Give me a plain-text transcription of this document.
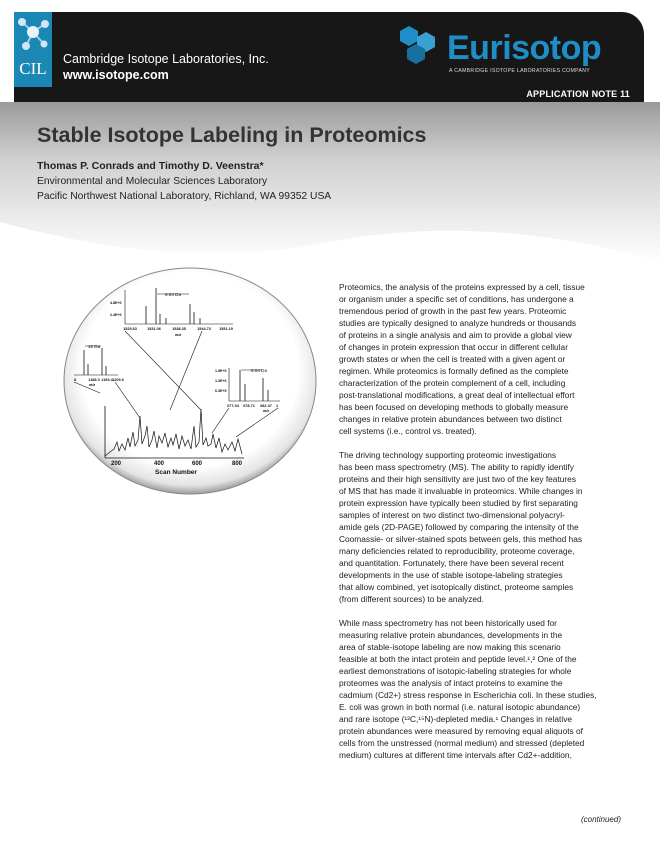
CIL	Cambridge Isotope Laboratories, Inc.
www.isotope.com
Eurisotop
A CAMBRIDGE ISOTOPE LABORATORIES COMPANY
APPLICATION NOTE 11
Stable Isotope Labeling in Proteomics
Thomas P. Conrads and Timothy D. Veenstra*
Environmental and Molecular Sciences Laboratory
Pacific Northwest National Laboratory, Richland, WA 99352 USA
200	400	600	800
Scan Number
8.04 Da
4.8E+6
2.4E+6
1525.63	1531.06	1538.35	1544.73 1551.19
m/z
16 Da
8	1188.3 1193.4 1209.6
m/z
8.04 Da
1.9E+6
1.3E+6
6.3E+5
677.04 678.71 682.37 1
m/z

Proteomics, the analysis of the proteins expressed by a cell, tissue
or organism under a specific set of conditions, has undergone a
tremendous period of growth in the past few years. Proteomic
studies are typically designed to analyze hundreds or thousands
of proteins in a single analysis and aim to provide a global view
of changes in protein expression that occur in different cellular
growth states or when the cell is treated with a given agent or
regimen. While proteomics is formally defined as the complete
characterization of the protein complement of a cell, including
post-translational modifications, a great deal of intellectual effort
has been focused on developing methods to globally measure
changes in relative protein abundances between two distinct
cell systems (i.e., control vs. treated).

The driving technology supporting proteomic investigations
has been mass spectrometry (MS). The ability to rapidly identify
proteins and their high sensitivity are just two of the key features
of MS that has made it invaluable in proteomics. While changes in
protein expression have typically been studied by first separating
samples of interest on two distinct two-dimensional polyacryl-
amide gels (2D-PAGE) followed by comparing the intensity of the
Coomassie- or silver-stained spots between gels, this method has
many deficiencies related to reproducibility, proteome coverage,
and quantitation. Fortunately, there have been several recent
developments in the use of stable isotope-labeling strategies
that allow combined, yet isotopically distinct, proteome samples
(from different sources) to be analyzed.

While mass spectrometry has not been historically used for
measuring relative protein abundances, developments in the
area of stable-isotope labeling are now making this scenario
feasible at both the intact protein and peptide level.¹,² One of the
earliest demonstrations of isotopic-labeling strategies for whole
proteomes was the analysis of intact proteins to examine the
cadmium (Cd2+) stress response in Escherichia coli. In these studies,
E. coli was grown in both normal (i.e. natural isotopic abundance)
and rare isotope (¹³C,¹⁵N)-depleted media.¹ Changes in relative
protein abundances were measured by removing equal aliquots of
cells from the unstressed (normal medium) and stressed (depleted
medium) cultures at different time intervals after Cd2+-addition,

(continued)
